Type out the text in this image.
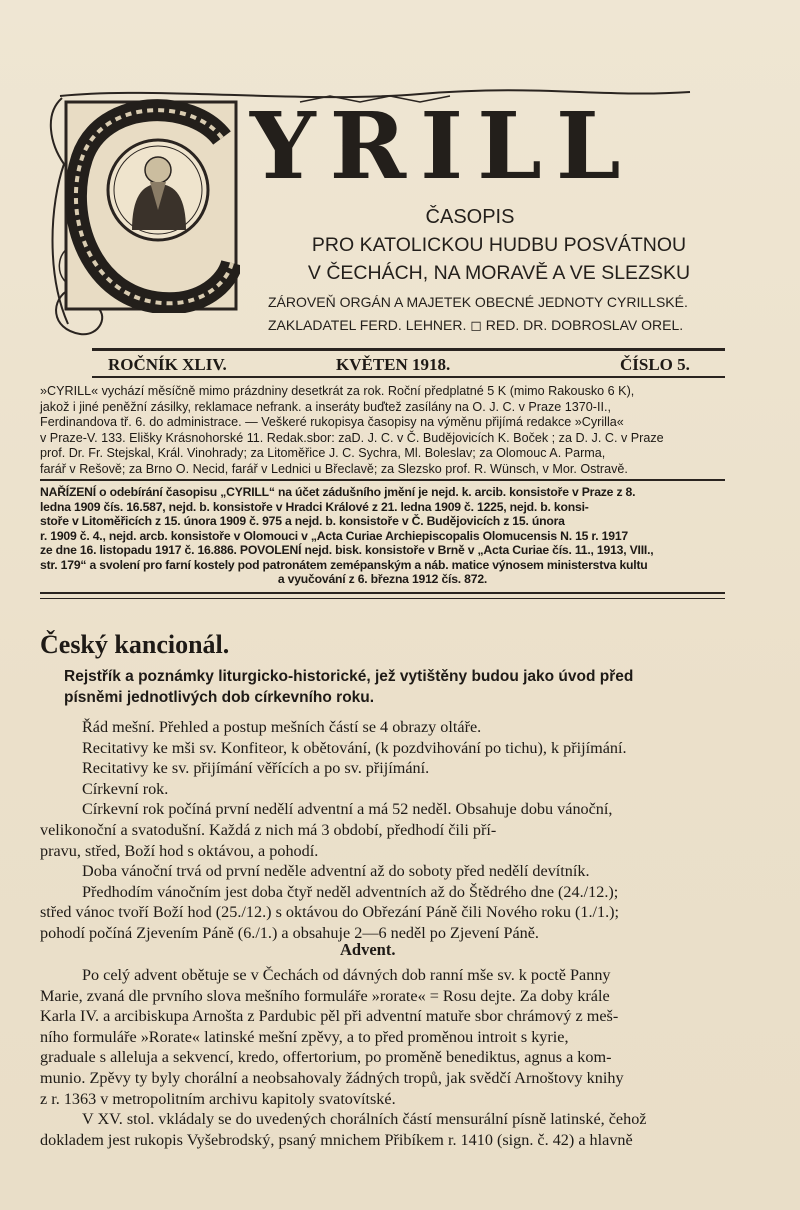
YRILL
ČASOPIS
PRO KATOLICKOU HUDBU POSVÁTNOU
V ČECHÁCH, NA MORAVĚ A VE SLEZSKU
ZÁROVEŇ ORGÁN A MAJETEK OBECNÉ JEDNOTY CYRILLSKÉ.
ZAKLADATEL FERD. LEHNER. ◻ RED. DR. DOBROSLAV OREL.
ROČNÍK XLIV.	KVĚTEN 1918.	ČÍSLO 5.

»CYRILL« vychází měsíčně mimo prázdniny desetkrát za rok. Roční předplatné 5 K (mimo Rakousko 6 K),

jakož i jiné peněžní zásilky, reklamace nefrank. a inseráty buďtež zasílány na O. J. C. v Praze 1370-II.,

Ferdinandova tř. 6. do administrace. — Veškeré rukopisya časopisy na výměnu přijímá redakce »Cyrilla«

v Praze-V. 133. Elišky Krásnohorské 11. Redak.sbor: zaD. J. C. v Č. Budějovicích K. Boček ; za D. J. C. v Praze

prof. Dr. Fr. Stejskal, Král. Vinohrady; za Litoměřice J. C. Sychra, Ml. Boleslav; za Olomouc A. Parma,

farář v Rešově; za Brno O. Necid, farář v Lednici u Břeclavě; za Slezsko prof. R. Wünsch, v Mor. Ostravě.

NAŘÍZENÍ o odebírání časopisu „CYRILL“ na účet zádušního jmění je nejd. k. arcib. konsistoře v Praze z 8.

ledna 1909 čís. 16.587, nejd. b. konsistoře v Hradci Králové z 21. ledna 1909 č. 1225, nejd. b. konsi-

stoře v Litoměřicích z 15. února 1909 č. 975 a nejd. b. konsistoře v Č. Budějovicích z 15. února

r. 1909 č. 4., nejd. arcb. konsistoře v Olomouci v „Acta Curiae Archiepiscopalis Olomucensis N. 15 r. 1917

ze dne 16. listopadu 1917 č. 16.886. POVOLENÍ nejd. bisk. konsistoře v Brně v „Acta Curiae čís. 11., 1913, VIII.,

str. 179“ a svolení pro farní kostely pod patronátem zemépanským a náb. matice výnosem ministerstva kultu

a vyučování z 6. března 1912 čís. 872.

Český kancionál.

Rejstřík a poznámky liturgicko-historické, jež vytištěny budou jako úvod před

písněmi jednotlivých dob církevního roku.

Řád mešní. Přehled a postup mešních částí se 4 obrazy oltáře.

Recitativy ke mši sv. Konfiteor, k obětování, (k pozdvihování po tichu), k přijímání.

Recitativy ke sv. přijímání věřících a po sv. přijímání.

Církevní rok.

Církevní rok počíná první nedělí adventní a má 52 neděl. Obsahuje dobu vánoční,

velikonoční a svatodušní. Každá z nich má 3 období, předhodí čili pří-

pravu, střed, Boží hod s oktávou, a pohodí.

Doba vánoční trvá od první neděle adventní až do soboty před nedělí devítník.

Předhodím vánočním jest doba čtyř neděl adventních až do Štědrého dne (24./12.);

střed vánoc tvoří Boží hod (25./12.) s oktávou do Obřezání Páně čili Nového roku (1./1.);

pohodí počíná Zjevením Páně (6./1.) a obsahuje 2—6 neděl po Zjevení Páně.

Advent.

Po celý advent obětuje se v Čechách od dávných dob ranní mše sv. k poctě Panny

Marie, zvaná dle prvního slova mešního formuláře »rorate« = Rosu dejte. Za doby krále

Karla IV. a arcibiskupa Arnošta z Pardubic pěl při adventní matuře sbor chrámový z meš-

ního formuláře »Rorate« latinské mešní zpěvy, a to před proměnou introit s kyrie,

graduale s alleluja a sekvencí, kredo, offertorium, po proměně benediktus, agnus a kom-

munio. Zpěvy ty byly chorální a neobsahovaly žádných tropů, jak svědčí Arnoštovy knihy

z r. 1363 v metropolitním archivu kapitoly svatovítské.

V XV. stol. vkládaly se do uvedených chorálních částí mensurální písně latinské, čehož

dokladem jest rukopis Vyšebrodský, psaný mnichem Přibíkem r. 1410 (sign. č. 42) a hlavně
